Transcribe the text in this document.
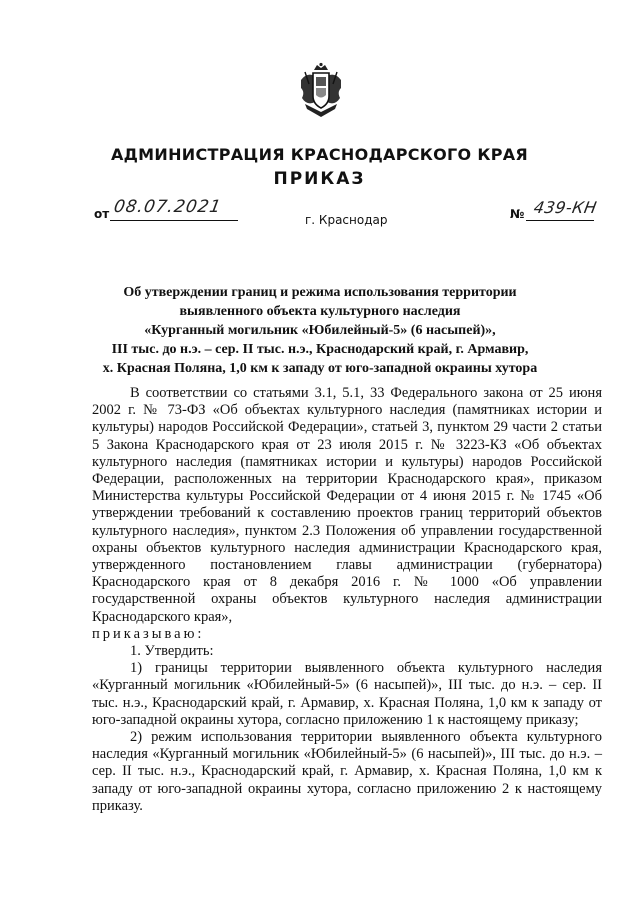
АДМИНИСТРАЦИЯ КРАСНОДАРСКОГО КРАЯ
ПРИКАЗ
от 08.07.2021
г. Краснодар	№ 439-КН
Об утверждении границ и режима использования территории
выявленного объекта культурного наследия
«Курганный могильник «Юбилейный-5» (6 насыпей)»,
III тыс. до н.э. – сер. II тыс. н.э., Краснодарский край, г. Армавир,
х. Красная Поляна, 1,0 км к западу от юго-западной окраины хутора

В соответствии со статьями 3.1, 5.1, 33 Федерального закона от 25 июня 2002 г. № 73-ФЗ «Об объектах культурного наследия (памятниках истории и культуры) народов Российской Федерации», статьей 3, пунктом 29 части 2 статьи 5 Закона Краснодарского края от 23 июля 2015 г. № 3223-КЗ «Об объектах культурного наследия (памятниках истории и культуры) народов Российской Федерации, расположенных на территории Краснодарского края», приказом Министерства культуры Российской Федерации от 4 июня 2015 г. № 1745 «Об утверждении требований к составлению проектов границ территорий объектов культурного наследия», пунктом 2.3 Положения об управлении государственной охраны объектов культурного наследия администрации Краснодарского края, утвержденного постановлением главы администрации (губернатора) Краснодарского края от 8 декабря 2016 г. № 1000 «Об управлении государственной охраны объектов культурного наследия администрации Краснодарского края»,

приказываю:

1. Утвердить:

1) границы территории выявленного объекта культурного наследия «Курганный могильник «Юбилейный-5» (6 насыпей)», III тыс. до н.э. – сер. II тыс. н.э., Краснодарский край, г. Армавир, х. Красная Поляна, 1,0 км к западу от юго-западной окраины хутора, согласно приложению 1 к настоящему приказу;

2) режим использования территории выявленного объекта культурного наследия «Курганный могильник «Юбилейный-5» (6 насыпей)», III тыс. до н.э. – сер. II тыс. н.э., Краснодарский край, г. Армавир, х. Красная Поляна, 1,0 км к западу от юго-западной окраины хутора, согласно приложению 2 к настоящему приказу.
